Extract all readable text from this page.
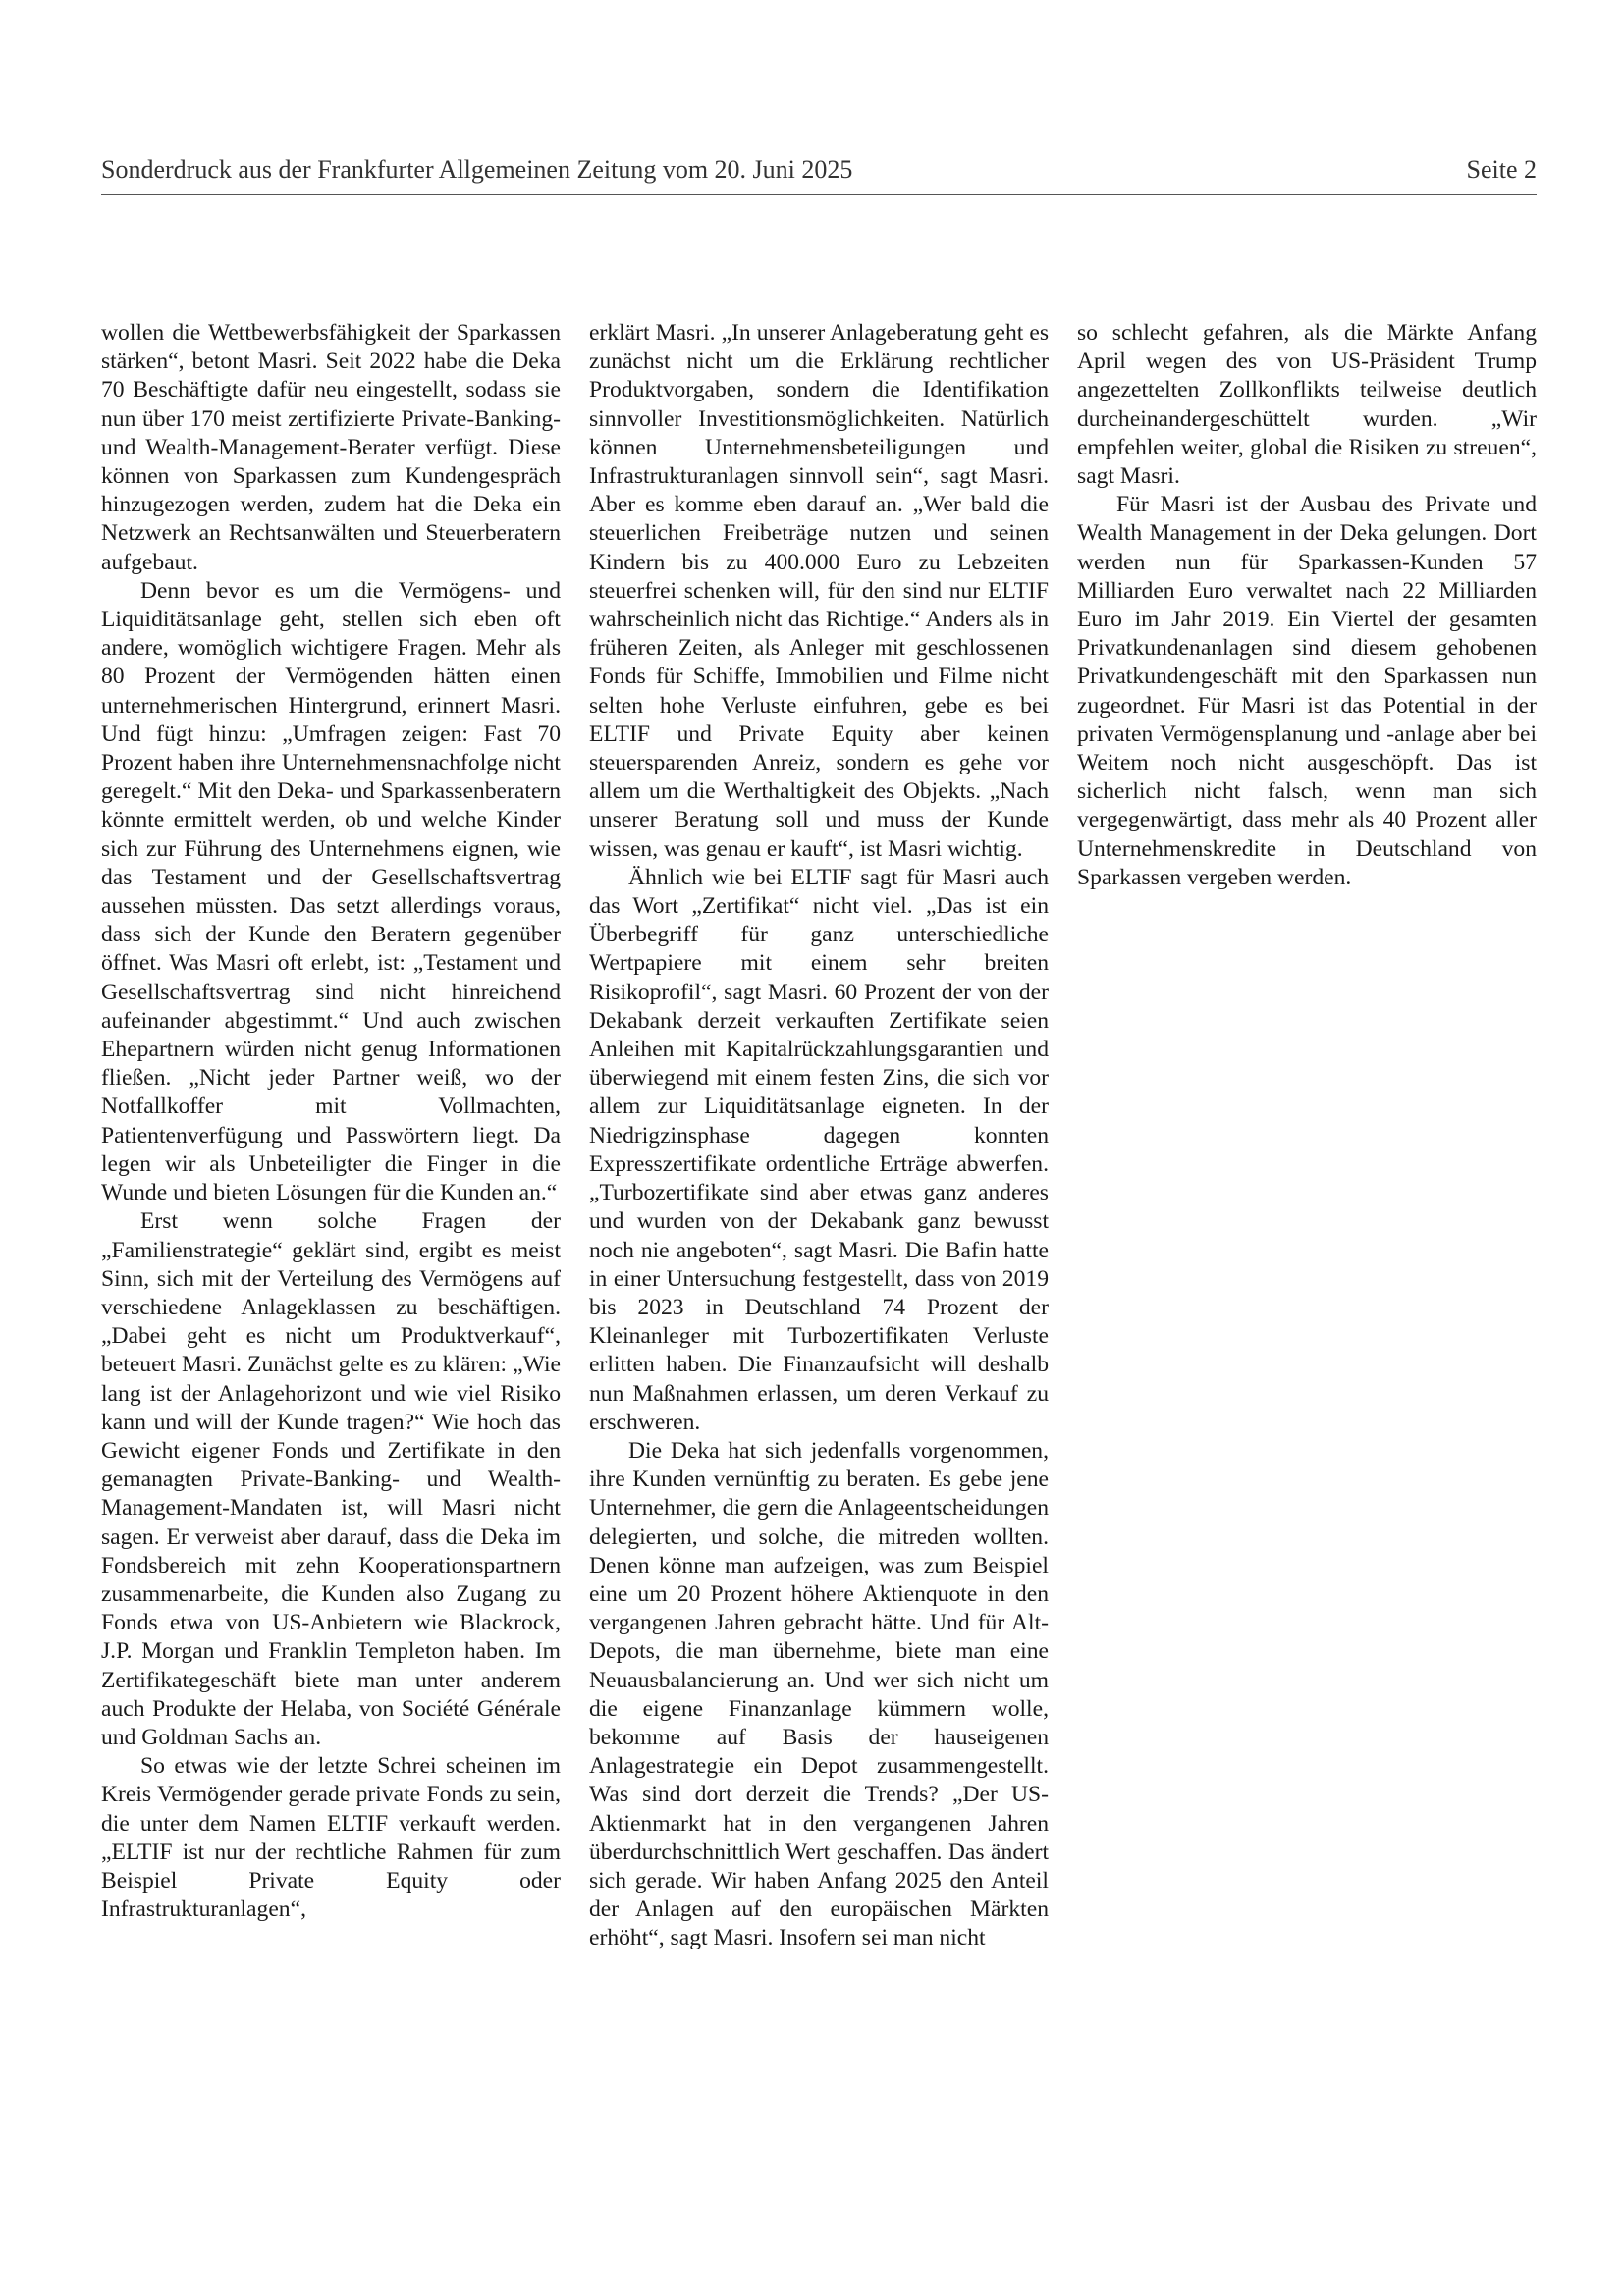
Sonderdruck aus der Frankfurter Allgemeinen Zeitung vom 20. Juni 2025	Seite 2

wollen die Wettbewerbsfähigkeit der Sparkassen stärken“, betont Masri. Seit 2022 habe die Deka 70 Beschäftigte dafür neu eingestellt, sodass sie nun über 170 meist zertifizierte Private-Banking- und Wealth-Management-Berater verfügt. Diese können von Sparkassen zum Kundengespräch hinzugezogen werden, zudem hat die Deka ein Netzwerk an Rechtsanwälten und Steuerberatern aufgebaut.

Denn bevor es um die Vermögens- und Liquiditätsanlage geht, stellen sich eben oft andere, womöglich wichtigere Fragen. Mehr als 80 Prozent der Vermögenden hätten einen unternehmerischen Hintergrund, erinnert Masri. Und fügt hinzu: „Umfragen zeigen: Fast 70 Prozent haben ihre Unternehmensnachfolge nicht geregelt.“ Mit den Deka- und Sparkassenberatern könnte ermittelt werden, ob und welche Kinder sich zur Führung des Unternehmens eignen, wie das Testament und der Gesellschaftsvertrag aussehen müssten. Das setzt allerdings voraus, dass sich der Kunde den Beratern gegenüber öffnet. Was Masri oft erlebt, ist: „Testament und Gesellschaftsvertrag sind nicht hinreichend aufeinander abgestimmt.“ Und auch zwischen Ehepartnern würden nicht genug Informationen fließen. „Nicht jeder Partner weiß, wo der Notfallkoffer mit Vollmachten, Patientenverfügung und Passwörtern liegt. Da legen wir als Unbeteiligter die Finger in die Wunde und bieten Lösungen für die Kunden an.“

Erst wenn solche Fragen der „Familienstrategie“ geklärt sind, ergibt es meist Sinn, sich mit der Verteilung des Vermögens auf verschiedene Anlageklassen zu beschäftigen. „Dabei geht es nicht um Produktverkauf“, beteuert Masri. Zunächst gelte es zu klären: „Wie lang ist der Anlagehorizont und wie viel Risiko kann und will der Kunde tragen?“ Wie hoch das Gewicht eigener Fonds und Zertifikate in den gemanagten Private-Banking- und Wealth-Management-Mandaten ist, will Masri nicht sagen. Er verweist aber darauf, dass die Deka im Fondsbereich mit zehn Kooperationspartnern zusammenarbeite, die Kunden also Zugang zu Fonds etwa von US-Anbietern wie Blackrock, J.P. Morgan und Franklin Templeton haben. Im Zertifikategeschäft biete man unter anderem auch Produkte der Helaba, von Société Générale und Goldman Sachs an.

So etwas wie der letzte Schrei scheinen im Kreis Vermögender gerade private Fonds zu sein, die unter dem Namen ELTIF verkauft werden. „ELTIF ist nur der rechtliche Rahmen für zum Beispiel Private Equity oder Infrastrukturanlagen“,

erklärt Masri. „In unserer Anlageberatung geht es zunächst nicht um die Erklärung rechtlicher Produktvorgaben, sondern die Identifikation sinnvoller Investitionsmöglichkeiten. Natürlich können Unternehmensbeteiligungen und Infrastrukturanlagen sinnvoll sein“, sagt Masri. Aber es komme eben darauf an. „Wer bald die steuerlichen Freibeträge nutzen und seinen Kindern bis zu 400.000 Euro zu Lebzeiten steuerfrei schenken will, für den sind nur ELTIF wahrscheinlich nicht das Richtige.“ Anders als in früheren Zeiten, als Anleger mit geschlossenen Fonds für Schiffe, Immobilien und Filme nicht selten hohe Verluste einfuhren, gebe es bei ELTIF und Private Equity aber keinen steuersparenden Anreiz, sondern es gehe vor allem um die Werthaltigkeit des Objekts. „Nach unserer Beratung soll und muss der Kunde wissen, was genau er kauft“, ist Masri wichtig.

Ähnlich wie bei ELTIF sagt für Masri auch das Wort „Zertifikat“ nicht viel. „Das ist ein Überbegriff für ganz unterschiedliche Wertpapiere mit einem sehr breiten Risikoprofil“, sagt Masri. 60 Prozent der von der Dekabank derzeit verkauften Zertifikate seien Anleihen mit Kapitalrückzahlungsgarantien und überwiegend mit einem festen Zins, die sich vor allem zur Liquiditätsanlage eigneten. In der Niedrigzinsphase dagegen konnten Expresszertifikate ordentliche Erträge abwerfen. „Turbozertifikate sind aber etwas ganz anderes und wurden von der Dekabank ganz bewusst noch nie angeboten“, sagt Masri. Die Bafin hatte in einer Untersuchung festgestellt, dass von 2019 bis 2023 in Deutschland 74 Prozent der Kleinanleger mit Turbozertifikaten Verluste erlitten haben. Die Finanzaufsicht will deshalb nun Maßnahmen erlassen, um deren Verkauf zu erschweren.

Die Deka hat sich jedenfalls vorgenommen, ihre Kunden vernünftig zu beraten. Es gebe jene Unternehmer, die gern die Anlageentscheidungen delegierten, und solche, die mitreden wollten. Denen könne man aufzeigen, was zum Beispiel eine um 20 Prozent höhere Aktienquote in den vergangenen Jahren gebracht hätte. Und für Alt-Depots, die man übernehme, biete man eine Neuausbalancierung an. Und wer sich nicht um die eigene Finanzanlage kümmern wolle, bekomme auf Basis der hauseigenen Anlagestrategie ein Depot zusammengestellt. Was sind dort derzeit die Trends? „Der US-Aktienmarkt hat in den vergangenen Jahren überdurchschnittlich Wert geschaffen. Das ändert sich gerade. Wir haben Anfang 2025 den Anteil der Anlagen auf den europäischen Märkten erhöht“, sagt Masri. Insofern sei man nicht

so schlecht gefahren, als die Märkte Anfang April wegen des von US-Präsident Trump angezettelten Zollkonflikts teilweise deutlich durcheinandergeschüttelt wurden. „Wir empfehlen weiter, global die Risiken zu streuen“, sagt Masri.

Für Masri ist der Ausbau des Private und Wealth Management in der Deka gelungen. Dort werden nun für Sparkassen-Kunden 57 Milliarden Euro verwaltet nach 22 Milliarden Euro im Jahr 2019. Ein Viertel der gesamten Privatkundenanlagen sind diesem gehobenen Privatkundengeschäft mit den Sparkassen nun zugeordnet. Für Masri ist das Potential in der privaten Vermögensplanung und -anlage aber bei Weitem noch nicht ausgeschöpft. Das ist sicherlich nicht falsch, wenn man sich vergegenwärtigt, dass mehr als 40 Prozent aller Unternehmenskredite in Deutschland von Sparkassen vergeben werden.
